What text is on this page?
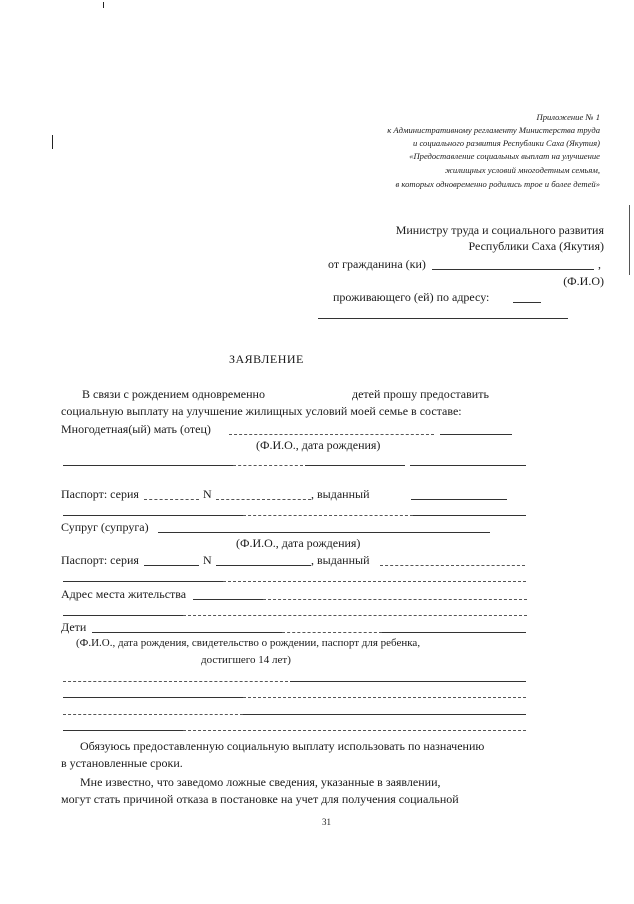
Приложение № 1
к Административному регламенту Министерства труда
и социального развития Республики Саха (Якутия)
«Предоставление социальных выплат на улучшение
жилищных условий многодетным семьям,
в которых одновременно родились трое и более детей»
Министру труда и социального развития
Республики Саха (Якутия)
от гражданина (ки)	,
(Ф.И.О)
проживающего (ей) по адресу:
ЗАЯВЛЕНИЕ
В связи с рождением одновременно	детей прошу предоставить
социальную выплату на улучшение жилищных условий моей семье в составе:
Многодетная(ый) мать (отец)
(Ф.И.О., дата рождения)
Паспорт: серия	N	, выданный
Супруг (супруга)
(Ф.И.О., дата рождения)
Паспорт: серия	N	, выданный
Адрес места жительства
Дети
(Ф.И.О., дата рождения, свидетельство о рождении, паспорт для ребенка,
достигшего 14 лет)
Обязуюсь предоставленную социальную выплату использовать по назначению
в установленные сроки.
Мне известно, что заведомо ложные сведения, указанные в заявлении,
могут стать причиной отказа в постановке на учет для получения социальной
31
